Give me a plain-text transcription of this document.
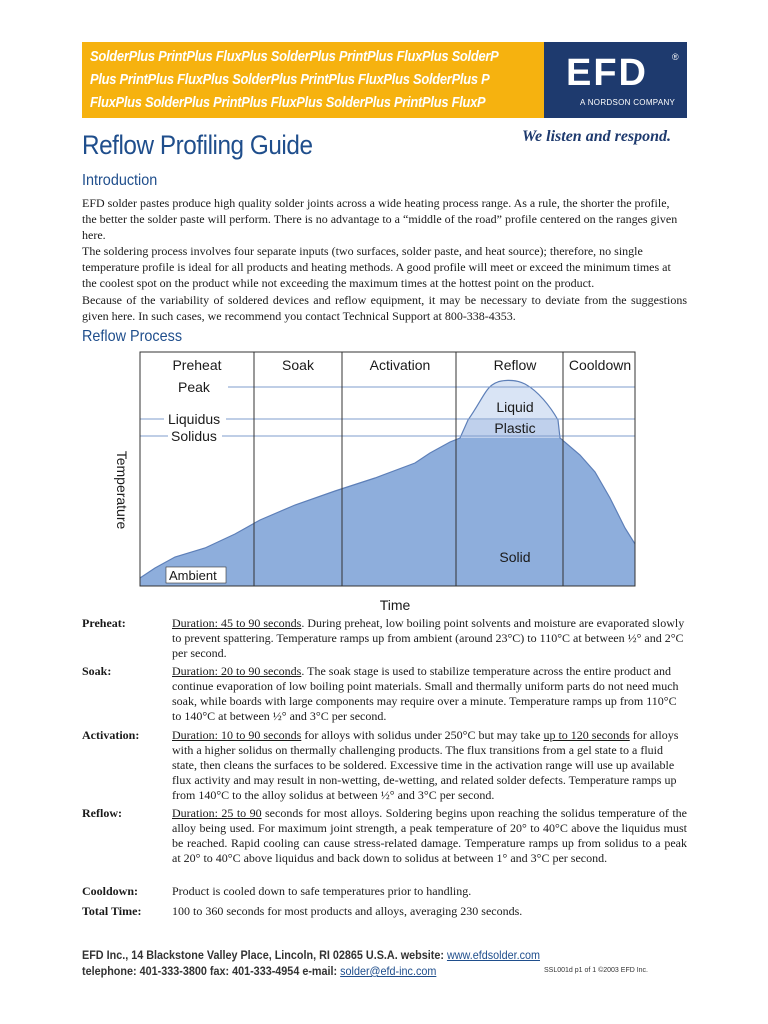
SolderPlus PrintPlus FluxPlus SolderPlus PrintPlus FluxPlus SolderP
Plus PrintPlus FluxPlus SolderPlus PrintPlus FluxPlus SolderPlus P
FluxPlus SolderPlus PrintPlus FluxPlus SolderPlus PrintPlus FluxP
EFD	®
A NORDSON COMPANY
We listen and respond.
Reflow Profiling Guide
Introduction
EFD solder pastes produce high quality solder joints across a wide heating process range. As a rule, the shorter the profile, the better the solder paste will perform. There is no advantage to a “middle of the road” profile centered on the ranges given here.
The soldering process involves four separate inputs (two surfaces, solder paste, and heat source); therefore, no single temperature profile is ideal for all products and heating methods. A good profile will meet or exceed the minimum times at the coolest spot on the product while not exceeding the maximum times at the hottest point on the product.
Because of the variability of soldered devices and reflow equipment, it may be necessary to deviate from the suggestions given here. In such cases, we recommend you contact Technical Support at 800-338-4353.
Reflow Process
Preheat	Soak	Activation	Reflow Cooldown
Peak
Liquidus
Solidus
Liquid
Plastic
Solid
Ambient
Temperature
Time
Preheat:	Duration: 45 to 90 seconds. During preheat, low boiling point solvents and moisture are evaporated slowly to prevent spattering. Temperature ramps up from ambient (around 23°C) to 110°C at between ½° and 2°C per second.
Soak:	Duration: 20 to 90 seconds. The soak stage is used to stabilize temperature across the entire product and continue evaporation of low boiling point materials. Small and thermally uniform parts do not need much soak, while boards with large components may require over a minute. Temperature ramps up from 110°C to 140°C at between ½° and 3°C per second.
Activation:	Duration: 10 to 90 seconds for alloys with solidus under 250°C but may take up to 120 seconds for alloys with a higher solidus on thermally challenging products. The flux transitions from a gel state to a fluid state, then cleans the surfaces to be soldered. Excessive time in the activation range will use up available flux activity and may result in non-wetting, de-wetting, and related solder defects. Temperature ramps up from 140°C to the alloy solidus at between ½° and 3°C per second.
Reflow:	Duration: 25 to 90 seconds for most alloys. Soldering begins upon reaching the solidus temperature of the alloy being used. For maximum joint strength, a peak temperature of 20° to 40°C above the liquidus must be reached. Rapid cooling can cause stress-related damage. Temperature ramps up from solidus to a peak at 20° to 40°C above liquidus and back down to solidus at between 1° and 3°C per second.
Cooldown:	Product is cooled down to safe temperatures prior to handling.
Total Time:	100 to 360 seconds for most products and alloys, averaging 230 seconds.
EFD Inc., 14 Blackstone Valley Place, Lincoln, RI 02865 U.S.A. website: www.efdsolder.com
telephone: 401-333-3800 fax: 401-333-4954 e-mail: solder@efd-inc.com	SSL001d p1 of 1 ©2003 EFD Inc.
